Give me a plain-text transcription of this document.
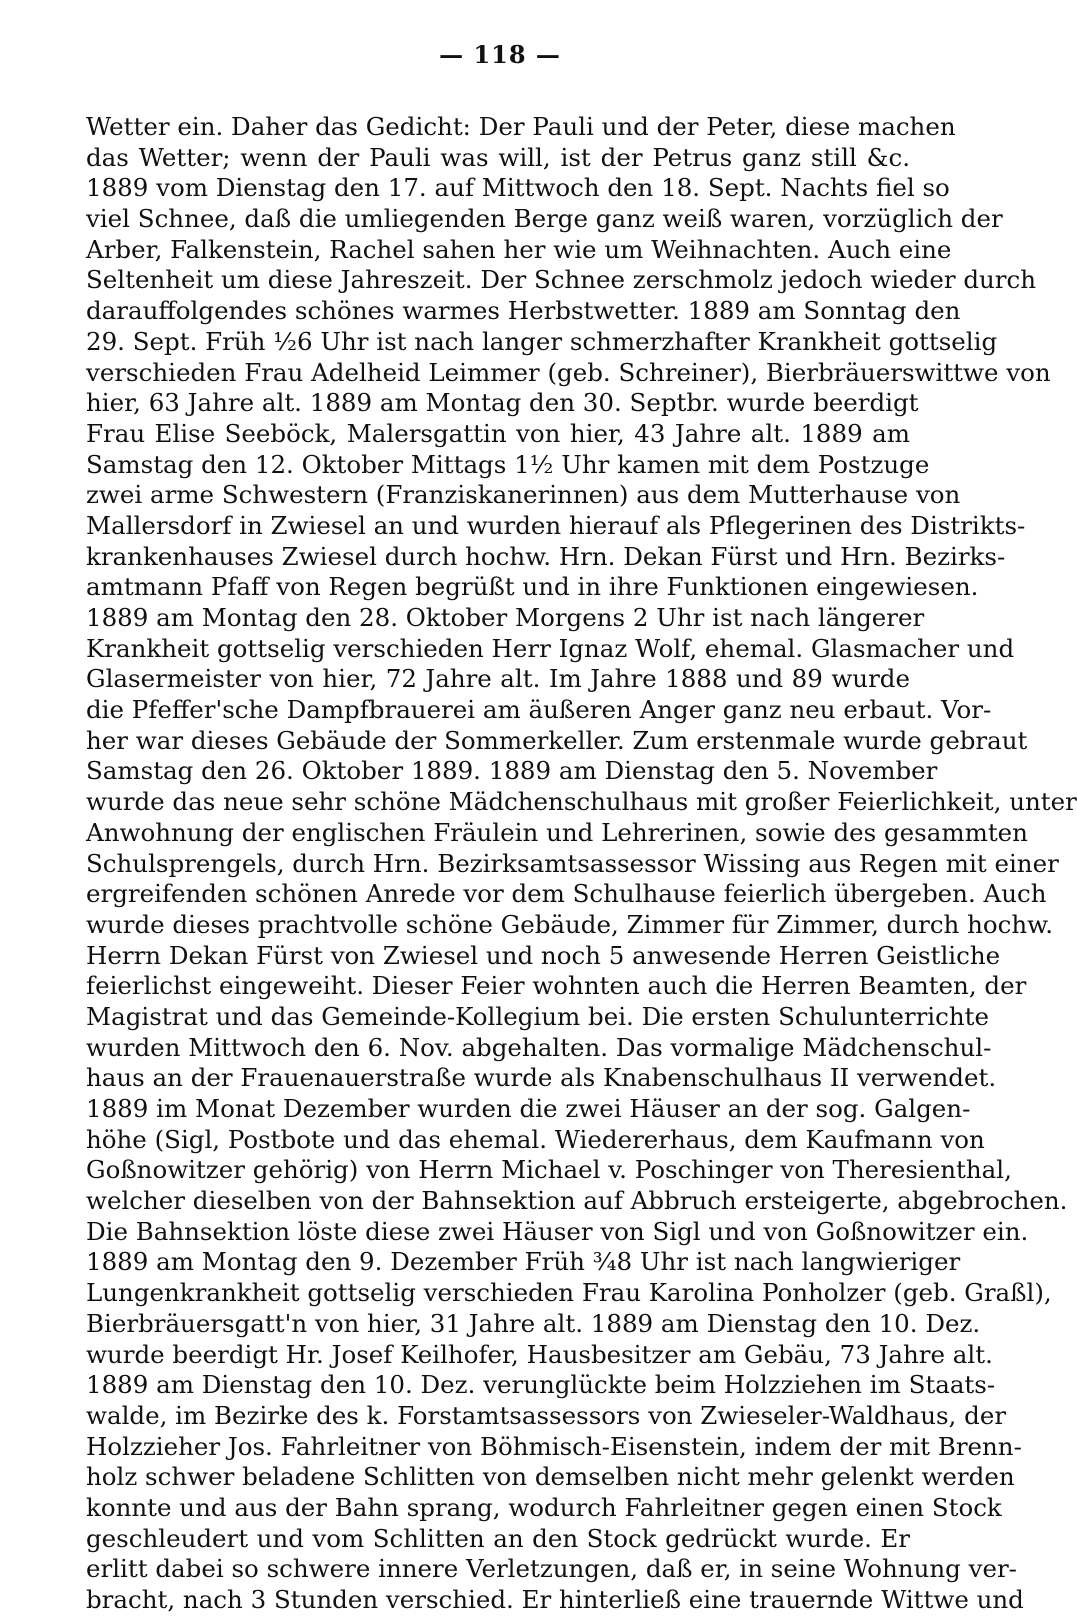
— 118 —
Wetter ein. Daher das Gedicht: Der Pauli und der Peter, diese machen
das Wetter; wenn der Pauli was will, ist der Petrus ganz still &c.
1889 vom Dienstag den 17. auf Mittwoch den 18. Sept. Nachts fiel so
viel Schnee, daß die umliegenden Berge ganz weiß waren, vorzüglich der
Arber, Falkenstein, Rachel sahen her wie um Weihnachten. Auch eine
Seltenheit um diese Jahreszeit. Der Schnee zerschmolz jedoch wieder durch
darauffolgendes schönes warmes Herbstwetter. 1889 am Sonntag den
29. Sept. Früh ½6 Uhr ist nach langer schmerzhafter Krankheit gottselig
verschieden Frau Adelheid Leimmer (geb. Schreiner), Bierbräuerswittwe von
hier, 63 Jahre alt. 1889 am Montag den 30. Septbr. wurde beerdigt
Frau Elise Seeböck, Malersgattin von hier, 43 Jahre alt. 1889 am
Samstag den 12. Oktober Mittags 1½ Uhr kamen mit dem Postzuge
zwei arme Schwestern (Franziskanerinnen) aus dem Mutterhause von
Mallersdorf in Zwiesel an und wurden hierauf als Pflegerinen des Distrikts-
krankenhauses Zwiesel durch hochw. Hrn. Dekan Fürst und Hrn. Bezirks-
amtmann Pfaff von Regen begrüßt und in ihre Funktionen eingewiesen.
1889 am Montag den 28. Oktober Morgens 2 Uhr ist nach längerer
Krankheit gottselig verschieden Herr Ignaz Wolf, ehemal. Glasmacher und
Glasermeister von hier, 72 Jahre alt. Im Jahre 1888 und 89 wurde
die Pfeffer'sche Dampfbrauerei am äußeren Anger ganz neu erbaut. Vor-
her war dieses Gebäude der Sommerkeller. Zum erstenmale wurde gebraut
Samstag den 26. Oktober 1889. 1889 am Dienstag den 5. November
wurde das neue sehr schöne Mädchenschulhaus mit großer Feierlichkeit, unter
Anwohnung der englischen Fräulein und Lehrerinen, sowie des gesammten
Schulsprengels, durch Hrn. Bezirksamtsassessor Wissing aus Regen mit einer
ergreifenden schönen Anrede vor dem Schulhause feierlich übergeben. Auch
wurde dieses prachtvolle schöne Gebäude, Zimmer für Zimmer, durch hochw.
Herrn Dekan Fürst von Zwiesel und noch 5 anwesende Herren Geistliche
feierlichst eingeweiht. Dieser Feier wohnten auch die Herren Beamten, der
Magistrat und das Gemeinde-Kollegium bei. Die ersten Schulunterrichte
wurden Mittwoch den 6. Nov. abgehalten. Das vormalige Mädchenschul-
haus an der Frauenauerstraße wurde als Knabenschulhaus II verwendet.
1889 im Monat Dezember wurden die zwei Häuser an der sog. Galgen-
höhe (Sigl, Postbote und das ehemal. Wiedererhaus, dem Kaufmann von
Goßnowitzer gehörig) von Herrn Michael v. Poschinger von Theresienthal,
welcher dieselben von der Bahnsektion auf Abbruch ersteigerte, abgebrochen.
Die Bahnsektion löste diese zwei Häuser von Sigl und von Goßnowitzer ein.
1889 am Montag den 9. Dezember Früh ¾8 Uhr ist nach langwieriger
Lungenkrankheit gottselig verschieden Frau Karolina Ponholzer (geb. Graßl),
Bierbräuersgatt'n von hier, 31 Jahre alt. 1889 am Dienstag den 10. Dez.
wurde beerdigt Hr. Josef Keilhofer, Hausbesitzer am Gebäu, 73 Jahre alt.
1889 am Dienstag den 10. Dez. verunglückte beim Holzziehen im Staats-
walde, im Bezirke des k. Forstamtsassessors von Zwieseler-Waldhaus, der
Holzzieher Jos. Fahrleitner von Böhmisch-Eisenstein, indem der mit Brenn-
holz schwer beladene Schlitten von demselben nicht mehr gelenkt werden
konnte und aus der Bahn sprang, wodurch Fahrleitner gegen einen Stock
geschleudert und vom Schlitten an den Stock gedrückt wurde. Er
erlitt dabei so schwere innere Verletzungen, daß er, in seine Wohnung ver-
bracht, nach 3 Stunden verschied. Er hinterließ eine trauernde Wittwe und
